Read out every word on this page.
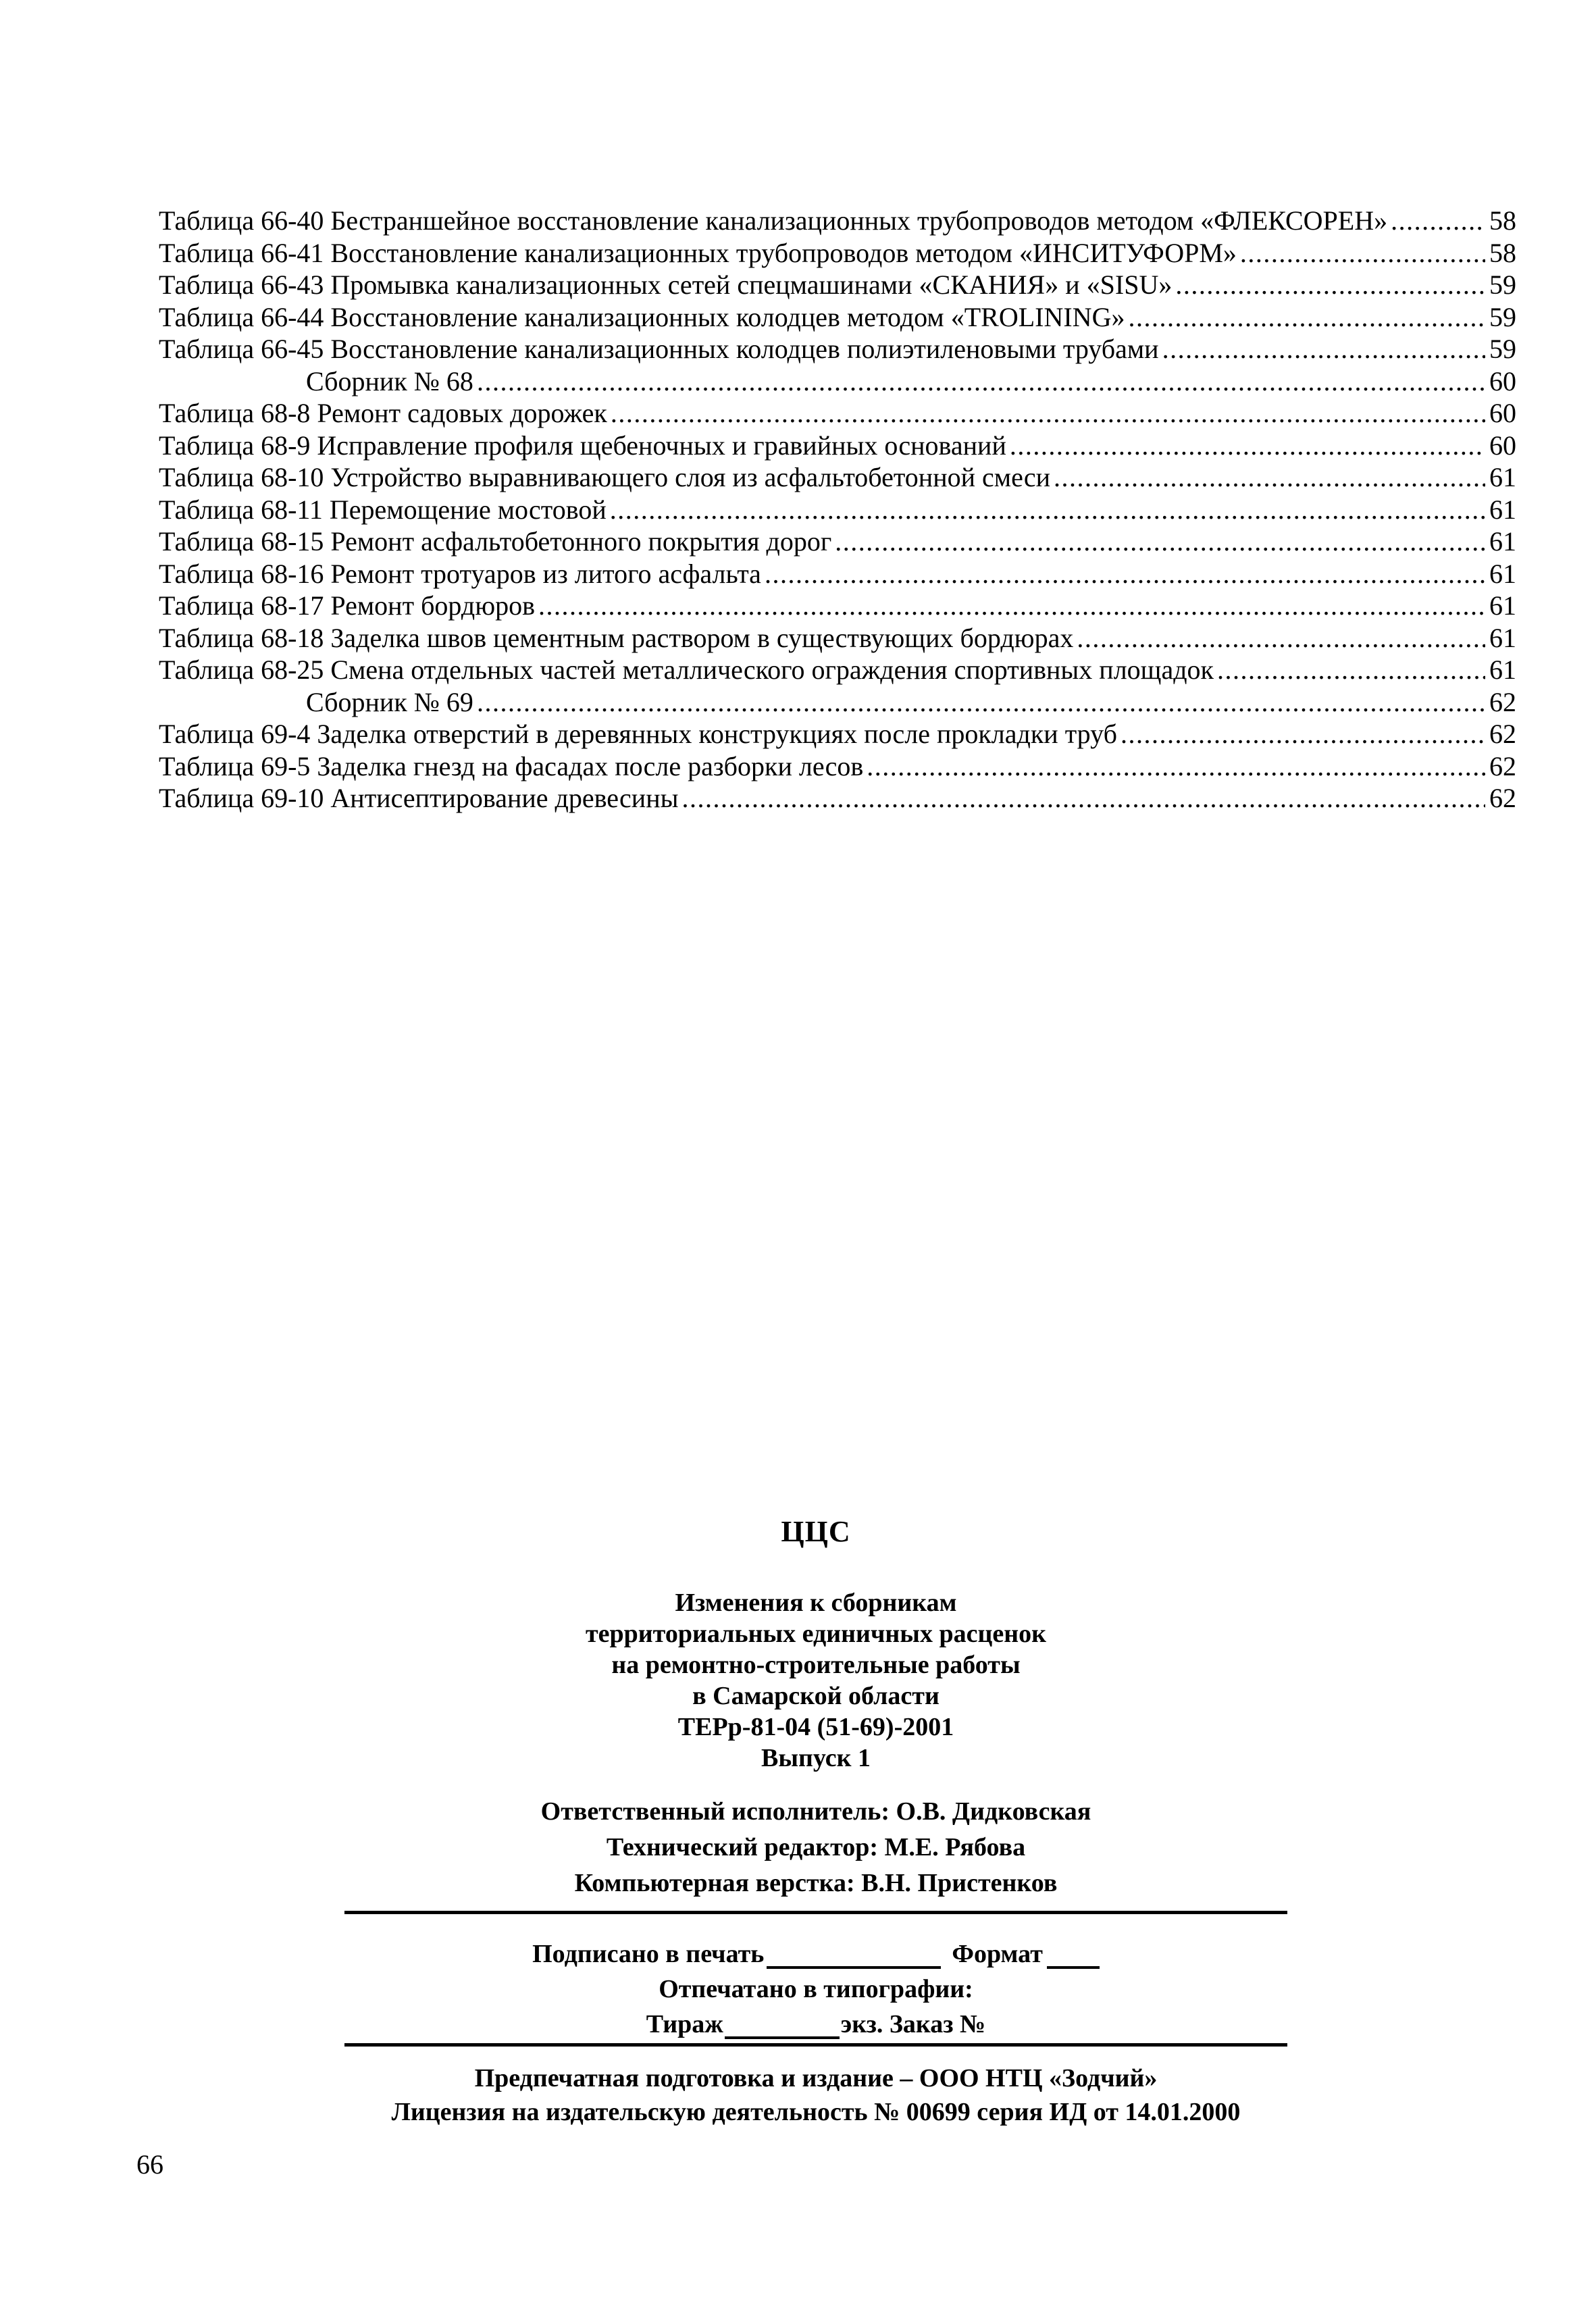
Таблица 66-40 Бестраншейное восстановление канализационных трубопроводов методом «ФЛЕКСОРЕН» .....	58
Таблица 66-41 Восстановление канализационных трубопроводов методом «ИНСИТУФОРМ» .....	58
Таблица 66-43 Промывка канализационных сетей спецмашинами «СКАНИЯ» и «SISU» .....	59
Таблица 66-44 Восстановление канализационных колодцев методом «TROLINING» .....	59
Таблица 66-45 Восстановление канализационных колодцев полиэтиленовыми трубами .....	59
Сборник № 68 .....	60
Таблица 68-8 Ремонт садовых дорожек .....	60
Таблица 68-9 Исправление профиля щебеночных и гравийных оснований .....	60
Таблица 68-10 Устройство выравнивающего слоя из асфальтобетонной смеси .....	61
Таблица 68-11 Перемощение мостовой .....	61
Таблица 68-15 Ремонт асфальтобетонного покрытия дорог .....	61
Таблица 68-16 Ремонт тротуаров из литого асфальта .....	61
Таблица 68-17 Ремонт бордюров .....	61
Таблица 68-18 Заделка швов цементным раствором в существующих бордюрах .....	61
Таблица 68-25 Смена отдельных частей металлического ограждения спортивных площадок .....	61
Сборник № 69 .....	62
Таблица 69-4 Заделка отверстий в деревянных конструкциях после прокладки труб .....	62
Таблица 69-5 Заделка гнезд на фасадах после разборки лесов .....	62
Таблица 69-10 Антисептирование древесины .....	62
ЦЦС
Изменения к сборникам
территориальных единичных расценок
на ремонтно-строительные работы
в Самарской области
ТЕРр-81-04 (51-69)-2001
Выпуск 1
Ответственный исполнитель: О.В. Дидковская
Технический редактор: М.Е. Рябова
Компьютерная верстка: В.Н. Пристенков
Подписано в печать	Формат
Отпечатано в типографии:
Тираж	экз. Заказ №
Предпечатная подготовка и издание – ООО НТЦ «Зодчий»
Лицензия на издательскую деятельность № 00699 серия ИД от 14.01.2000
66
